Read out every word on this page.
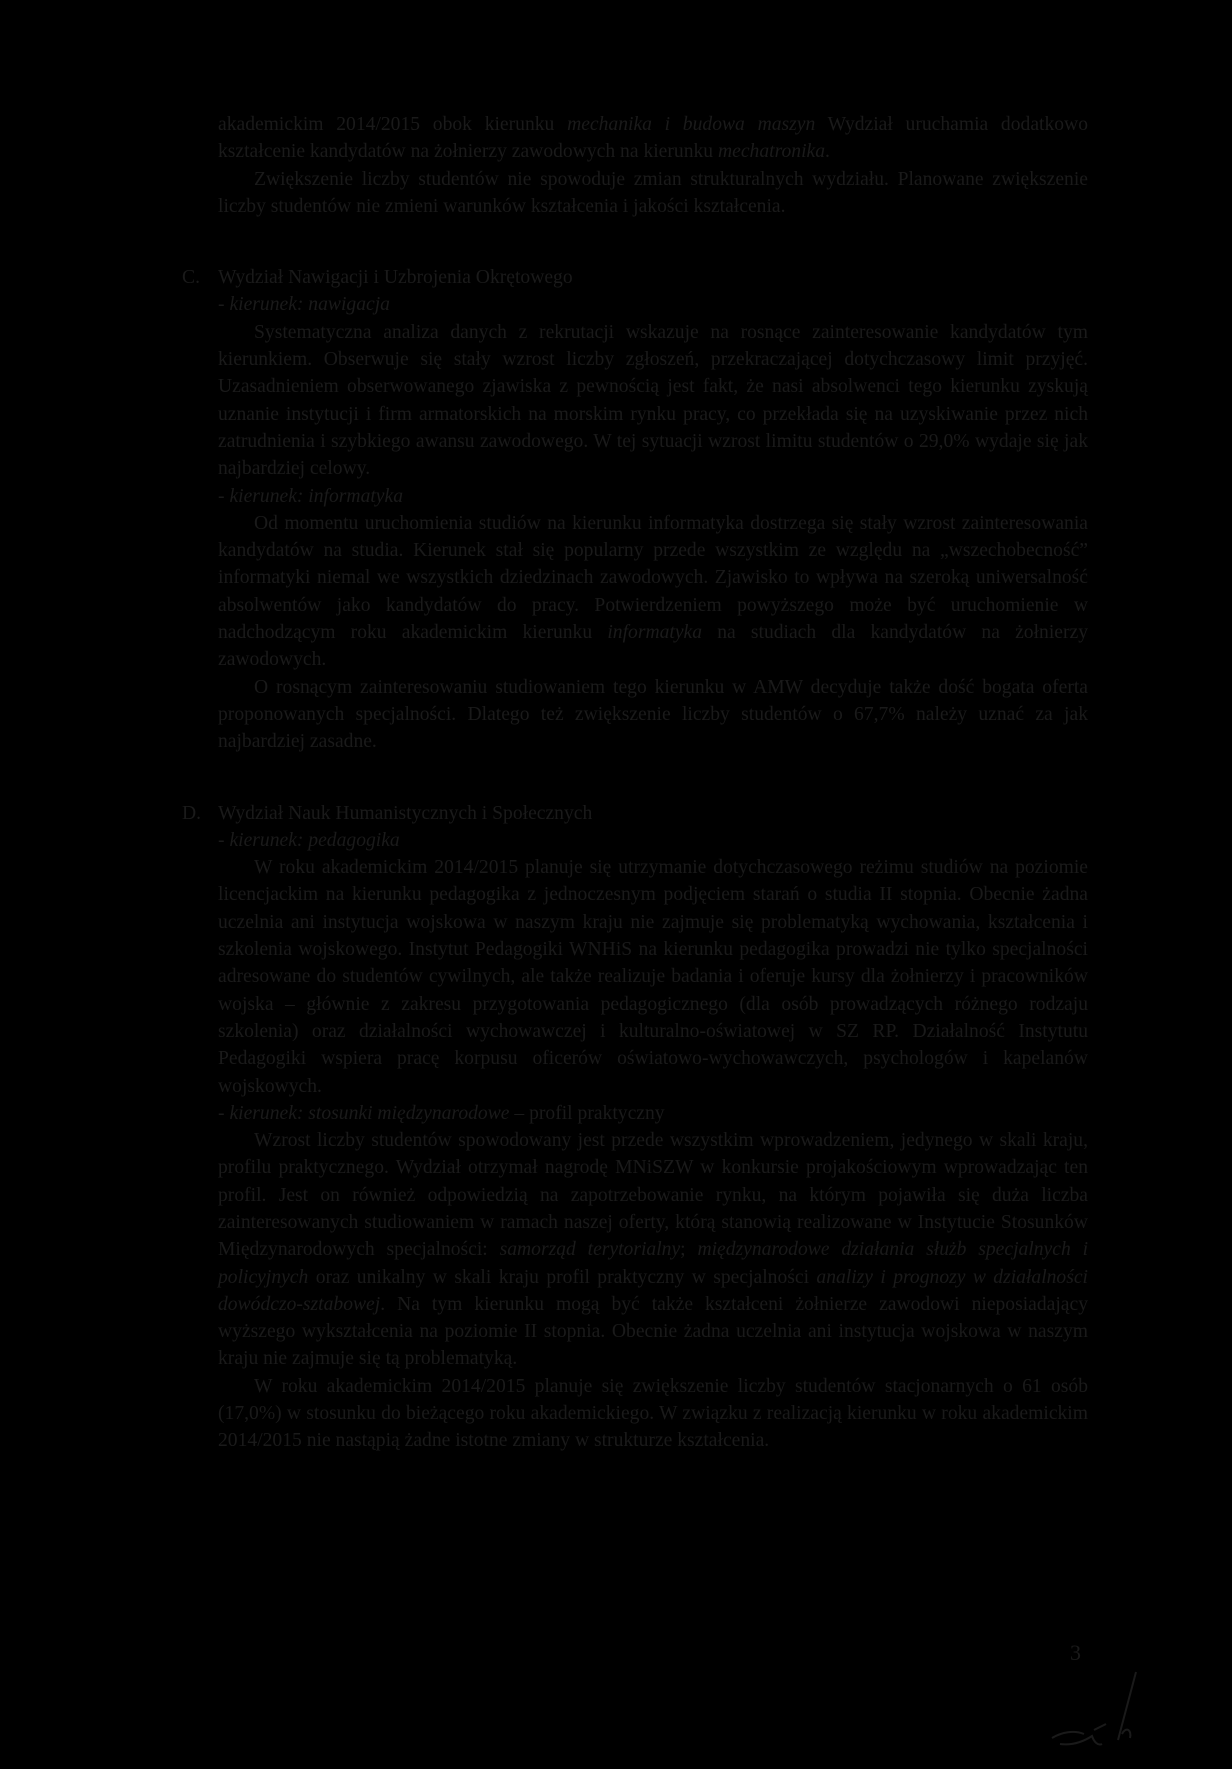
akademickim 2014/2015 obok kierunku mechanika i budowa maszyn Wydział uruchamia dodatkowo kształcenie kandydatów na żołnierzy zawodowych na kierunku mechatronika.

Zwiększenie liczby studentów nie spowoduje zmian strukturalnych wydziału. Planowane zwiększenie liczby studentów nie zmieni warunków kształcenia i jakości kształcenia.

C. Wydział Nawigacji i Uzbrojenia Okrętowego

- kierunek: nawigacja

Systematyczna analiza danych z rekrutacji wskazuje na rosnące zainteresowanie kandydatów tym kierunkiem. Obserwuje się stały wzrost liczby zgłoszeń, przekraczającej dotychczasowy limit przyjęć. Uzasadnieniem obserwowanego zjawiska z pewnością jest fakt, że nasi absolwenci tego kierunku zyskują uznanie instytucji i firm armatorskich na morskim rynku pracy, co przekłada się na uzyskiwanie przez nich zatrudnienia i szybkiego awansu zawodowego. W tej sytuacji wzrost limitu studentów o 29,0% wydaje się jak najbardziej celowy.

- kierunek: informatyka

Od momentu uruchomienia studiów na kierunku informatyka dostrzega się stały wzrost zainteresowania kandydatów na studia. Kierunek stał się popularny przede wszystkim ze względu na „wszechobecność” informatyki niemal we wszystkich dziedzinach zawodowych. Zjawisko to wpływa na szeroką uniwersalność absolwentów jako kandydatów do pracy. Potwierdzeniem powyższego może być uruchomienie w nadchodzącym roku akademickim kierunku informatyka na studiach dla kandydatów na żołnierzy zawodowych.

O rosnącym zainteresowaniu studiowaniem tego kierunku w AMW decyduje także dość bogata oferta proponowanych specjalności. Dlatego też zwiększenie liczby studentów o 67,7% należy uznać za jak najbardziej zasadne.

D. Wydział Nauk Humanistycznych i Społecznych

- kierunek: pedagogika

W roku akademickim 2014/2015 planuje się utrzymanie dotychczasowego reżimu studiów na poziomie licencjackim na kierunku pedagogika z jednoczesnym podjęciem starań o studia II stopnia. Obecnie żadna uczelnia ani instytucja wojskowa w naszym kraju nie zajmuje się problematyką wychowania, kształcenia i szkolenia wojskowego. Instytut Pedagogiki WNHiS na kierunku pedagogika prowadzi nie tylko specjalności adresowane do studentów cywilnych, ale także realizuje badania i oferuje kursy dla żołnierzy i pracowników wojska – głównie z zakresu przygotowania pedagogicznego (dla osób prowadzących różnego rodzaju szkolenia) oraz działalności wychowawczej i kulturalno-oświatowej w SZ RP. Działalność Instytutu Pedagogiki wspiera pracę korpusu oficerów oświatowo-wychowawczych, psychologów i kapelanów wojskowych.

- kierunek: stosunki międzynarodowe – profil praktyczny

Wzrost liczby studentów spowodowany jest przede wszystkim wprowadzeniem, jedynego w skali kraju, profilu praktycznego. Wydział otrzymał nagrodę MNiSZW w konkursie projakościowym wprowadzając ten profil. Jest on również odpowiedzią na zapotrzebowanie rynku, na którym pojawiła się duża liczba zainteresowanych studiowaniem w ramach naszej oferty, którą stanowią realizowane w Instytucie Stosunków Międzynarodowych specjalności: samorząd terytorialny; międzynarodowe działania służb specjalnych i policyjnych oraz unikalny w skali kraju profil praktyczny w specjalności analizy i prognozy w działalności dowódczo-sztabowej. Na tym kierunku mogą być także kształceni żołnierze zawodowi nieposiadający wyższego wykształcenia na poziomie II stopnia. Obecnie żadna uczelnia ani instytucja wojskowa w naszym kraju nie zajmuje się tą problematyką.

W roku akademickim 2014/2015 planuje się zwiększenie liczby studentów stacjonarnych o 61 osób (17,0%) w stosunku do bieżącego roku akademickiego. W związku z realizacją kierunku w roku akademickim 2014/2015 nie nastąpią żadne istotne zmiany w strukturze kształcenia.

3
